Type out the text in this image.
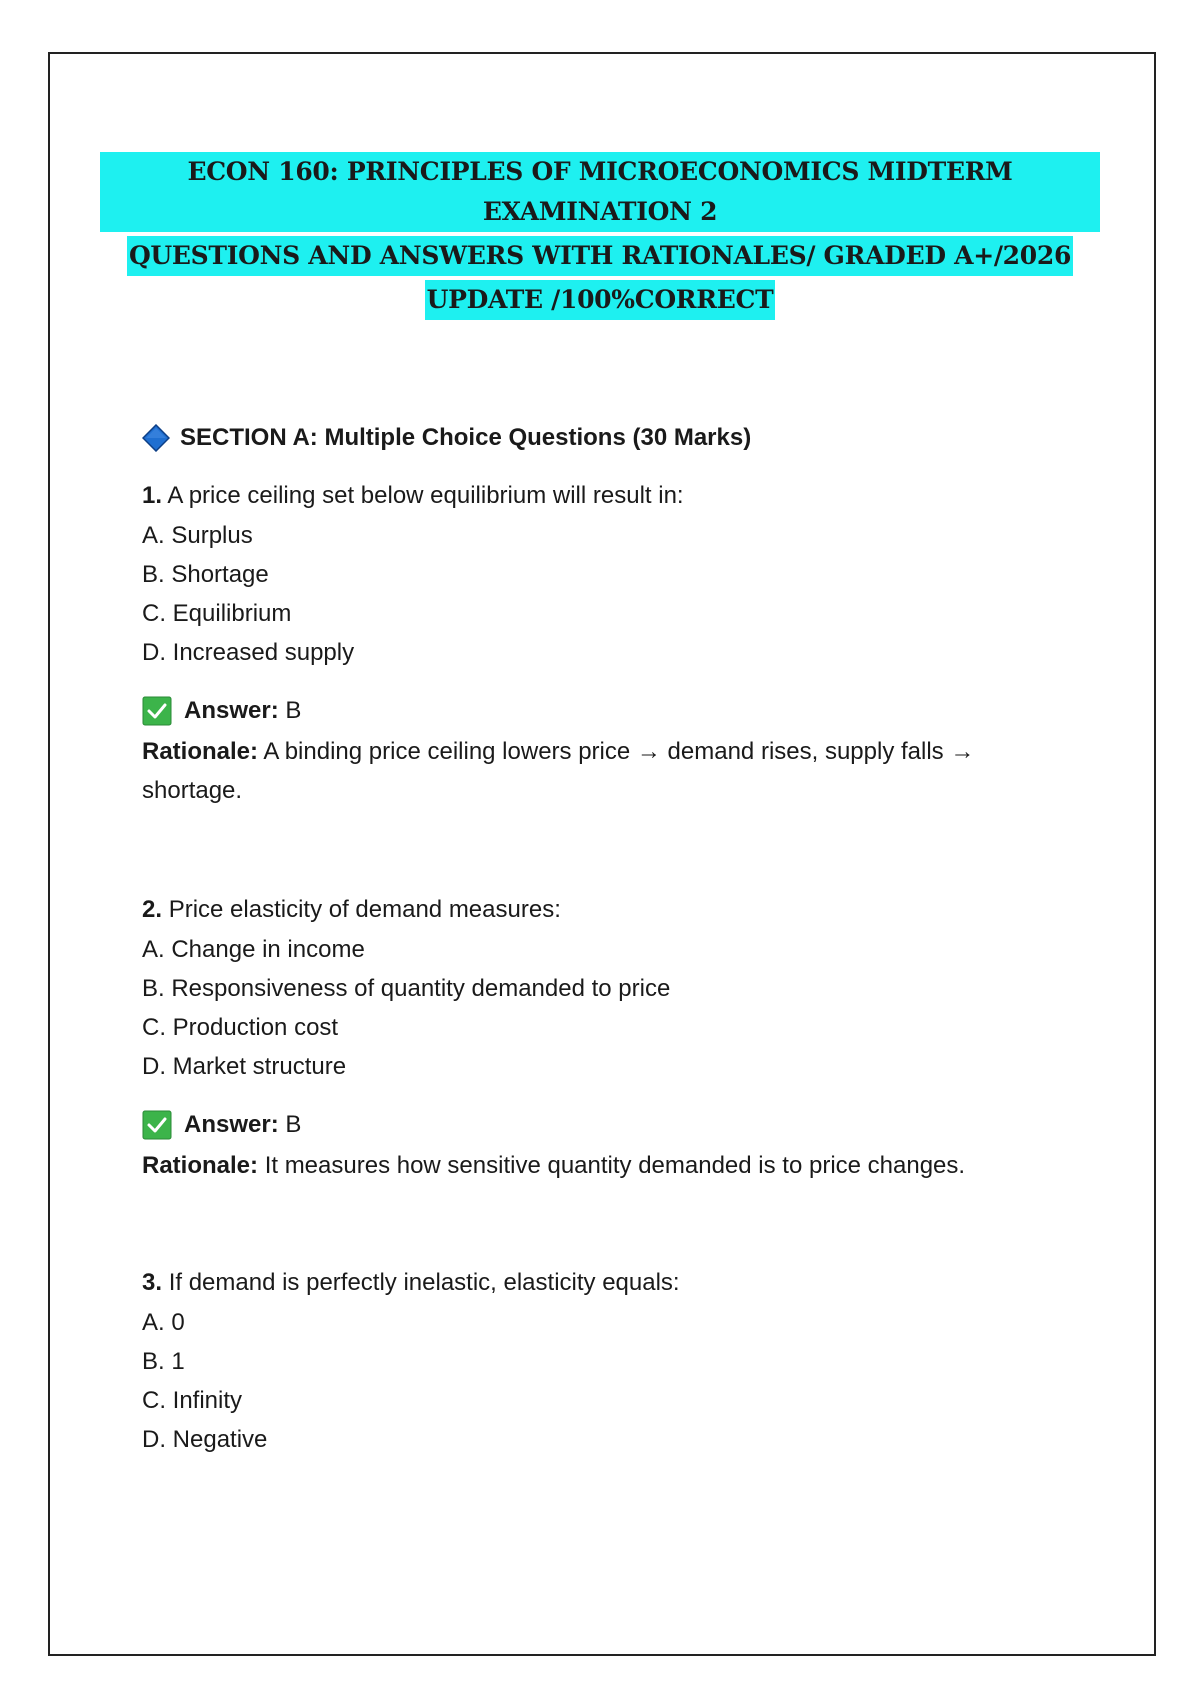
ECON 160: PRINCIPLES OF MICROECONOMICS MIDTERM EXAMINATION 2
QUESTIONS AND ANSWERS WITH RATIONALES/ GRADED A+/2026
UPDATE /100%CORRECT
SECTION A: Multiple Choice Questions (30 Marks)
1. A price ceiling set below equilibrium will result in:
A. Surplus
B. Shortage
C. Equilibrium
D. Increased supply
Answer:
B
Rationale: A binding price ceiling lowers price → demand rises, supply falls → shortage.
2. Price elasticity of demand measures:
A. Change in income
B. Responsiveness of quantity demanded to price
C. Production cost
D. Market structure
Answer:
B
Rationale: It measures how sensitive quantity demanded is to price changes.
3. If demand is perfectly inelastic, elasticity equals:
A. 0
B. 1
C. Infinity
D. Negative
